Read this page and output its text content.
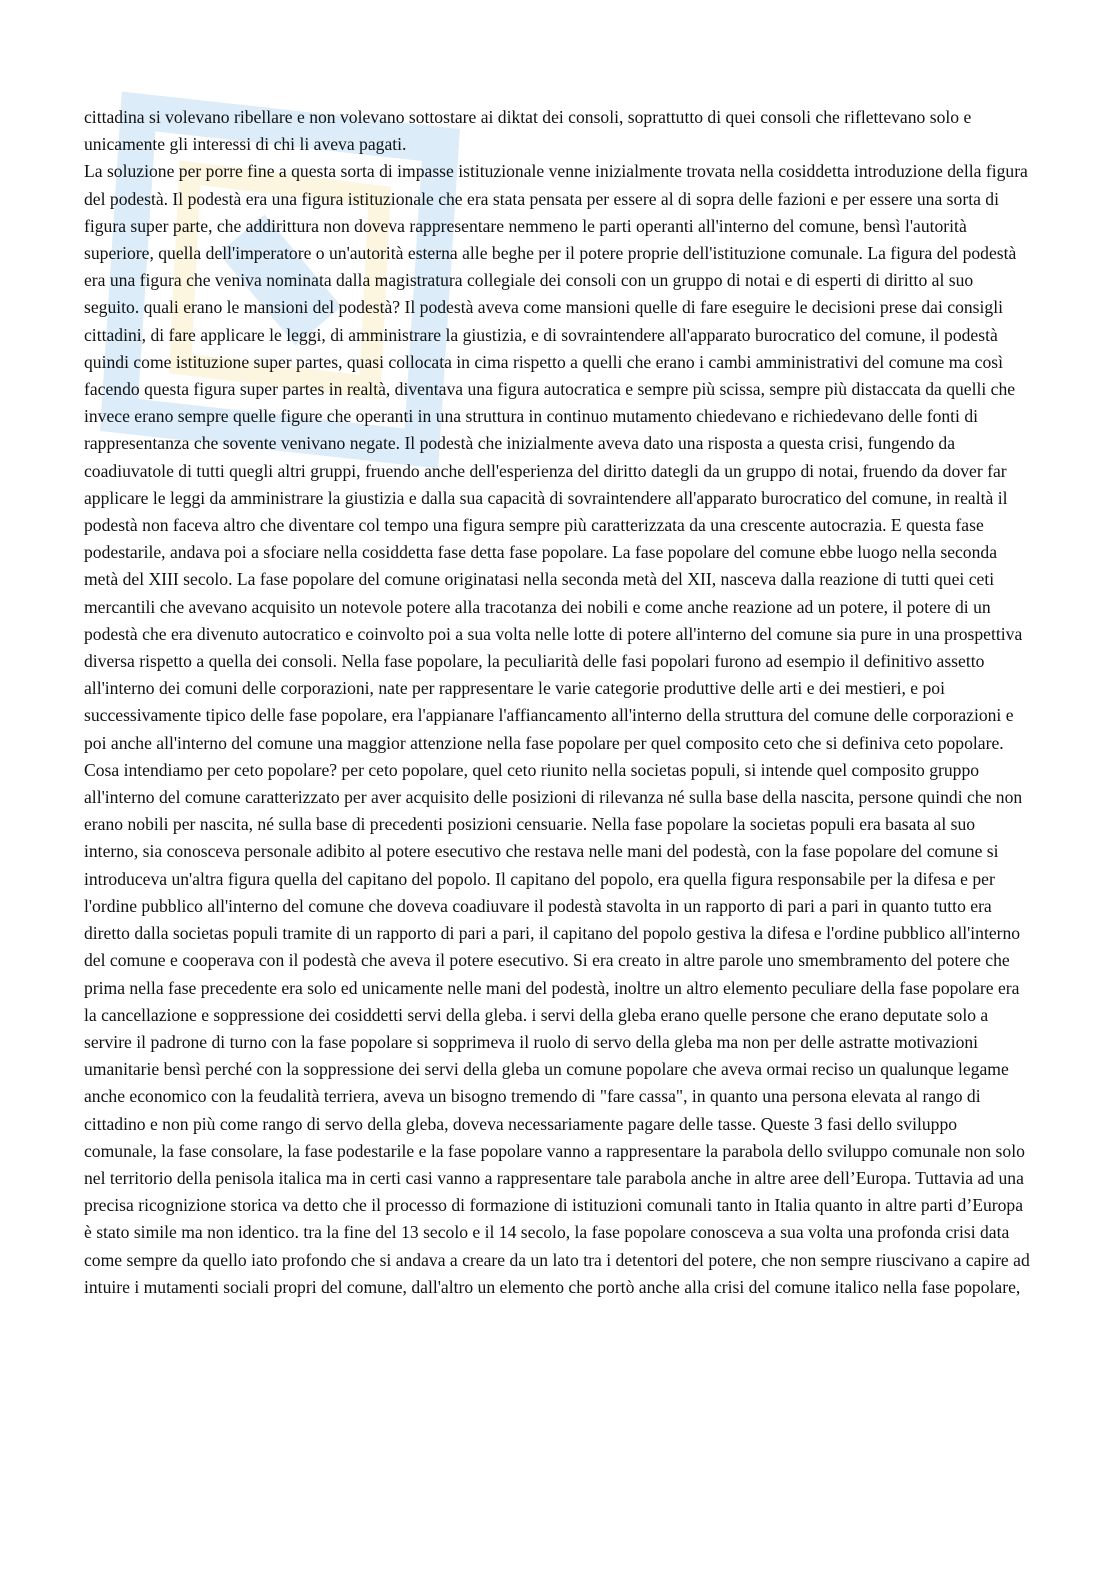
cittadina si volevano ribellare e non volevano sottostare ai diktat dei consoli, soprattutto di quei consoli che riflettevano solo e unicamente gli interessi di chi li aveva pagati.

La soluzione per porre fine a questa sorta di impasse istituzionale venne inizialmente trovata nella cosiddetta introduzione della figura del podestà. Il podestà era una figura istituzionale che era stata pensata per essere al di sopra delle fazioni e per essere una sorta di figura super parte, che addirittura non doveva rappresentare nemmeno le parti operanti all'interno del comune, bensì l'autorità superiore, quella dell'imperatore o un'autorità esterna alle beghe per il potere proprie dell'istituzione comunale. La figura del podestà era una figura che veniva nominata dalla magistratura collegiale dei consoli con un gruppo di notai e di esperti di diritto al suo seguito. quali erano le mansioni del podestà? Il podestà aveva come mansioni quelle di fare eseguire le decisioni prese dai consigli cittadini, di fare applicare le leggi, di amministrare la giustizia, e di sovraintendere all'apparato burocratico del comune, il podestà quindi come istituzione super partes, quasi collocata in cima rispetto a quelli che erano i cambi amministrativi del comune ma così facendo questa figura super partes in realtà, diventava una figura autocratica e sempre più scissa, sempre più distaccata da quelli che invece erano sempre quelle figure che operanti in una struttura in continuo mutamento chiedevano e richiedevano delle fonti di rappresentanza che sovente venivano negate. Il podestà che inizialmente aveva dato una risposta a questa crisi, fungendo da coadiuvatole di tutti quegli altri gruppi, fruendo anche dell'esperienza del diritto dategli da un gruppo di notai, fruendo da dover far applicare le leggi da amministrare la giustizia e dalla sua capacità di sovraintendere all'apparato burocratico del comune, in realtà il podestà non faceva altro che diventare col tempo una figura sempre più caratterizzata da una crescente autocrazia. E questa fase podestarile, andava poi a sfociare nella cosiddetta fase detta fase popolare. La fase popolare del comune ebbe luogo nella seconda metà del XIII secolo. La fase popolare del comune originatasi nella seconda metà del XII, nasceva dalla reazione di tutti quei ceti mercantili che avevano acquisito un notevole potere alla tracotanza dei nobili e come anche reazione ad un potere, il potere di un podestà che era divenuto autocratico e coinvolto poi a sua volta nelle lotte di potere all'interno del comune sia pure in una prospettiva diversa rispetto a quella dei consoli. Nella fase popolare, la peculiarità delle fasi popolari furono ad esempio il definitivo assetto all'interno dei comuni delle corporazioni, nate per rappresentare le varie categorie produttive delle arti e dei mestieri, e poi successivamente tipico delle fase popolare, era l'appianare l'affiancamento all'interno della struttura del comune delle corporazioni e poi anche all'interno del comune una maggior attenzione nella fase popolare per quel composito ceto che si definiva ceto popolare. Cosa intendiamo per ceto popolare? per ceto popolare, quel ceto riunito nella societas populi, si intende quel composito gruppo all'interno del comune caratterizzato per aver acquisito delle posizioni di rilevanza né sulla base della nascita, persone quindi che non erano nobili per nascita, né sulla base di precedenti posizioni censuarie. Nella fase popolare la societas populi era basata al suo interno, sia conosceva personale adibito al potere esecutivo che restava nelle mani del podestà, con la fase popolare del comune si introduceva un'altra figura quella del capitano del popolo. Il capitano del popolo, era quella figura responsabile per la difesa e per l'ordine pubblico all'interno del comune che doveva coadiuvare il podestà stavolta in un rapporto di pari a pari in quanto tutto era diretto dalla societas populi tramite di un rapporto di pari a pari, il capitano del popolo gestiva la difesa e l'ordine pubblico all'interno del comune e cooperava con il podestà che aveva il potere esecutivo. Si era creato in altre parole uno smembramento del potere che prima nella fase precedente era solo ed unicamente nelle mani del podestà, inoltre un altro elemento peculiare della fase popolare era la cancellazione e soppressione dei cosiddetti servi della gleba. i servi della gleba erano quelle persone che erano deputate solo a servire il padrone di turno con la fase popolare si sopprimeva il ruolo di servo della gleba ma non per delle astratte motivazioni umanitarie bensì perché con la soppressione dei servi della gleba un comune popolare che aveva ormai reciso un qualunque legame anche economico con la feudalità terriera, aveva un bisogno tremendo di "fare cassa", in quanto una persona elevata al rango di cittadino e non più come rango di servo della gleba, doveva necessariamente pagare delle tasse. Queste 3 fasi dello sviluppo comunale, la fase consolare, la fase podestarile e la fase popolare vanno a rappresentare la parabola dello sviluppo comunale non solo nel territorio della penisola italica ma in certi casi vanno a rappresentare tale parabola anche in altre aree dell’Europa. Tuttavia ad una precisa ricognizione storica va detto che il processo di formazione di istituzioni comunali tanto in Italia quanto in altre parti d’Europa è stato simile ma non identico. tra la fine del 13 secolo e il 14 secolo, la fase popolare conosceva a sua volta una profonda crisi data come sempre da quello iato profondo che si andava a creare da un lato tra i detentori del potere, che non sempre riuscivano a capire ad intuire i mutamenti sociali propri del comune, dall'altro un elemento che portò anche alla crisi del comune italico nella fase popolare,
